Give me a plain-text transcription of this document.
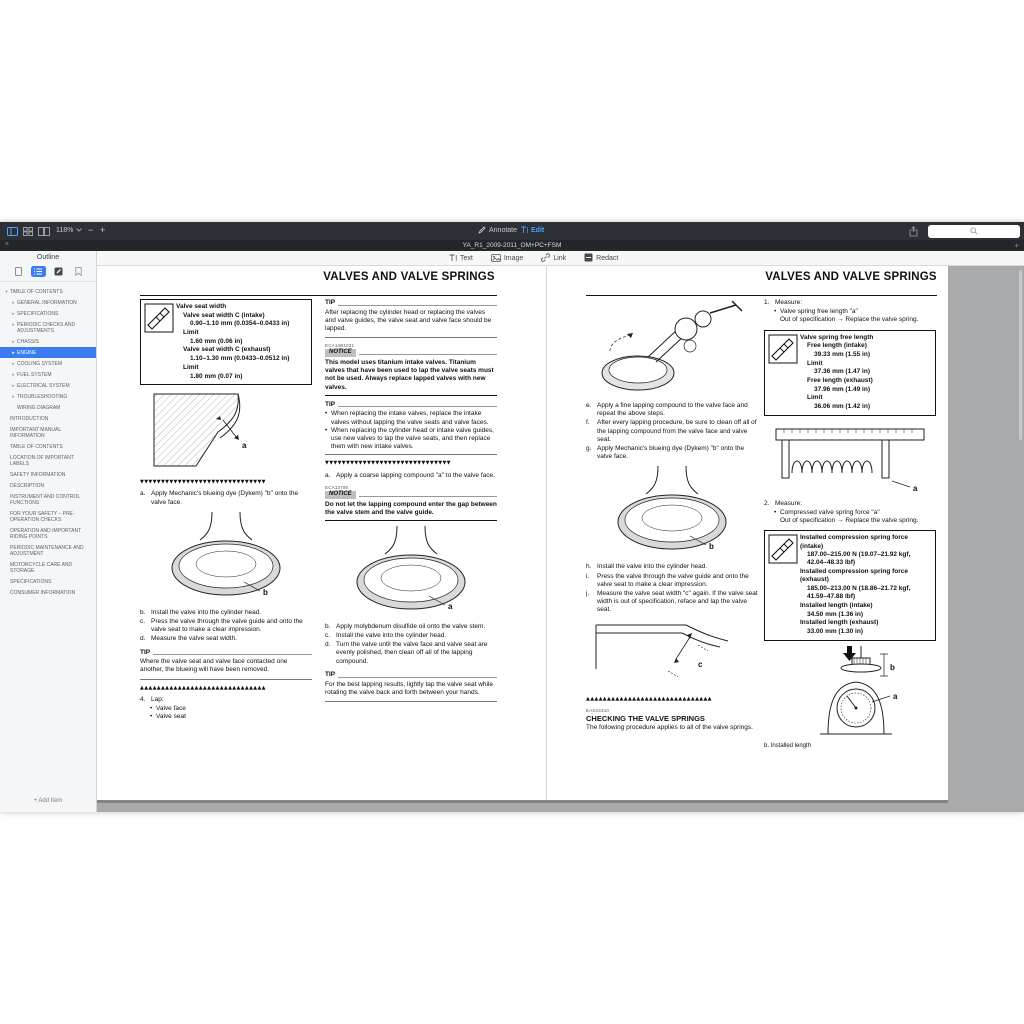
118% − +	Annotate Edit
×	YA_R1_2009-2011_OM+PC+FSM	+
Outline
▾ TABLE OF CONTENTS
▸ GENERAL INFORMATION
▸ SPECIFICATIONS
▸ PERIODIC CHECKS AND ADJUSTMENTS
▸ CHASSIS
▸ ENGINE
▸ COOLING SYSTEM
▸ FUEL SYSTEM
▸ ELECTRICAL SYSTEM
▸ TROUBLESHOOTING
WIRING DIAGRAM
INTRODUCTION
IMPORTANT MANUAL INFORMATION
TABLE OF CONTENTS
LOCATION OF IMPORTANT LABELS
SAFETY INFORMATION
DESCRIPTION
INSTRUMENT AND CONTROL FUNCTIONS
FOR YOUR SAFETY – PRE-OPERATION CHECKS
OPERATION AND IMPORTANT RIDING POINTS
PERIODIC MAINTENANCE AND ADJUSTMENT
MOTORCYCLE CARE AND STORAGE
SPECIFICATIONS
CONSUMER INFORMATION
+ Add Item
Text	Image	Link	Redact
VALVES AND VALVE SPRINGS
Valve seat width
Valve seat width C (intake)
0.90–1.10 mm (0.0354–0.0433 in)
Limit
1.60 mm (0.06 in)
Valve seat width C (exhaust)
1.10–1.30 mm (0.0433–0.0512 in)
Limit
1.80 mm (0.07 in)
a
▼▼▼▼▼▼▼▼▼▼▼▼▼▼▼▼▼▼▼▼▼▼▼▼▼▼▼▼▼▼
a. Apply Mechanic's blueing dye (Dykem) "b" onto the valve face.
b
b. Install the valve into the cylinder head.
c. Press the valve through the valve guide and onto the valve seat to make a clear impression.
d. Measure the valve seat width.
TIP
Where the valve seat and valve face contacted one another, the blueing will have been removed.
▲▲▲▲▲▲▲▲▲▲▲▲▲▲▲▲▲▲▲▲▲▲▲▲▲▲▲▲▲▲
4. Lap:
• Valve face
• Valve seat
TIP
After replacing the cylinder head or replacing the valves and valve guides, the valve seat and valve face should be lapped.
ECA14B1031
NOTICE
This model uses titanium intake valves. Titanium valves that have been used to lap the valve seats must not be used. Always replace lapped valves with new valves.
TIP
• When replacing the intake valves, replace the intake valves without lapping the valve seats and valve faces.
• When replacing the cylinder head or intake valve guides, use new valves to lap the valve seats, and then replace them with new intake valves.
▼▼▼▼▼▼▼▼▼▼▼▼▼▼▼▼▼▼▼▼▼▼▼▼▼▼▼▼▼▼
a. Apply a coarse lapping compound "a" to the valve face.
ECA13790
NOTICE
Do not let the lapping compound enter the gap between the valve stem and the valve guide.
a
b. Apply molybdenum disulfide oil onto the valve stem.
c. Install the valve into the cylinder head.
d. Turn the valve until the valve face and valve seat are evenly polished, then clean off all of the lapping compound.
TIP
For the best lapping results, lightly tap the valve seat while rotating the valve back and forth between your hands.
VALVES AND VALVE SPRINGS
e. Apply a fine lapping compound to the valve face and repeat the above steps.
f.	After every lapping procedure, be sure to clean off all of the lapping compound from the valve face and valve seat.
g. Apply Mechanic's blueing dye (Dykem) "b" onto the valve face.
b
h. Install the valve into the cylinder head.
i.	Press the valve through the valve guide and onto the valve seat to make a clear impression.
j.	Measure the valve seat width "c" again. If the valve seat width is out of specification, reface and lap the valve seat.
c
▲▲▲▲▲▲▲▲▲▲▲▲▲▲▲▲▲▲▲▲▲▲▲▲▲▲▲▲▲▲
EAS24310
CHECKING THE VALVE SPRINGS
The following procedure applies to all of the valve springs.
1. Measure:
• Valve spring free length "a"
Out of specification → Replace the valve spring.
Valve spring free length
Free length (intake)
39.33 mm (1.55 in)
Limit
37.36 mm (1.47 in)
Free length (exhaust)
37.96 mm (1.49 in)
Limit
36.06 mm (1.42 in)
a
2. Measure:
• Compressed valve spring force "a"
Out of specification → Replace the valve spring.
Installed compression spring force (intake)
187.00–215.00 N (19.07–21.92 kgf, 42.04–48.33 lbf)
Installed compression spring force (exhaust)
185.00–213.00 N (18.86–21.72 kgf, 41.59–47.88 lbf)
Installed length (intake)
34.50 mm (1.36 in)
Installed length (exhaust)
33.00 mm (1.30 in)
b
a
b. Installed length
